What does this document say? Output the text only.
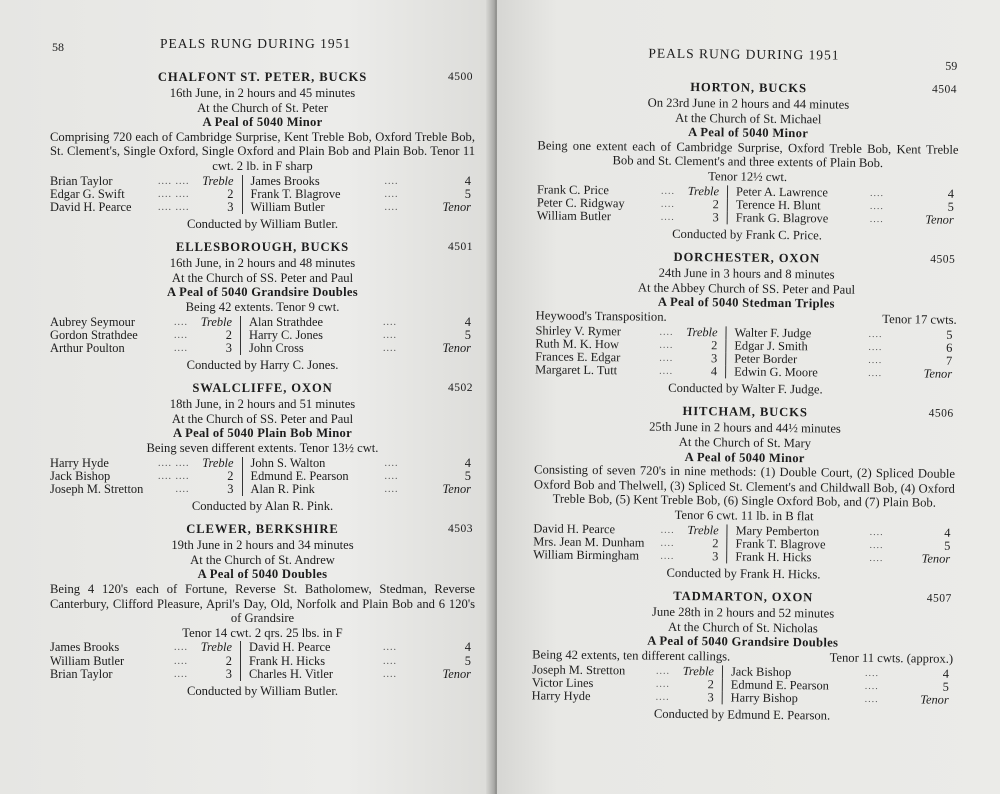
58	PEALS RUNG DURING 1951
CHALFONT ST. PETER, BUCKS	4500
16th June, in 2 hours and 45 minutes
At the Church of St. Peter
A Peal of 5040 Minor
Comprising 720 each of Cambridge Surprise, Kent Treble Bob, Oxford Treble Bob, St. Clement's, Single Oxford, Single Oxford and Plain Bob and Plain Bob. Tenor 11 cwt. 2 lb. in F sharp
Brian Taylor	.... ....	Treble	James Brooks	....	4
Edgar G. Swift	.... ....	2	Frank T. Blagrove	....	5
David H. Pearce	.... ....	3	William Butler	....	Tenor
Conducted by William Butler.
ELLESBOROUGH, BUCKS	4501
16th June, in 2 hours and 48 minutes
At the Church of SS. Peter and Paul
A Peal of 5040 Grandsire Doubles
Being 42 extents. Tenor 9 cwt.
Aubrey Seymour	....	Treble	Alan Strathdee	....	4
Gordon Strathdee	....	2	Harry C. Jones	....	5
Arthur Poulton	....	3	John Cross	....	Tenor
Conducted by Harry C. Jones.
SWALCLIFFE, OXON	4502
18th June, in 2 hours and 51 minutes
At the Church of SS. Peter and Paul
A Peal of 5040 Plain Bob Minor
Being seven different extents. Tenor 13½ cwt.
Harry Hyde	.... ....	Treble	John S. Walton	....	4
Jack Bishop	.... ....	2	Edmund E. Pearson	....	5
Joseph M. Stretton	....	3	Alan R. Pink	....	Tenor
Conducted by Alan R. Pink.
CLEWER, BERKSHIRE	4503
19th June in 2 hours and 34 minutes
At the Church of St. Andrew
A Peal of 5040 Doubles
Being 4 120's each of Fortune, Reverse St. Batholomew, Stedman, Reverse Canterbury, Clifford Pleasure, April's Day, Old, Norfolk and Plain Bob and 6 120's of Grandsire
Tenor 14 cwt. 2 qrs. 25 lbs. in F
James Brooks	....	Treble	David H. Pearce	....	4
William Butler	....	2	Frank H. Hicks	....	5
Brian Taylor	....	3	Charles H. Vitler	....	Tenor
Conducted by William Butler.
PEALS RUNG DURING 1951
59
HORTON, BUCKS	4504
On 23rd June in 2 hours and 44 minutes
At the Church of St. Michael
A Peal of 5040 Minor
Being one extent each of Cambridge Surprise, Oxford Treble Bob, Kent Treble Bob and St. Clement's and three extents of Plain Bob.
Tenor 12½ cwt.
Frank C. Price	....	Treble	Peter A. Lawrence	....	4
Peter C. Ridgway	....	2	Terence H. Blunt	....	5
William Butler	....	3	Frank G. Blagrove	....	Tenor
Conducted by Frank C. Price.
DORCHESTER, OXON	4505
24th June in 3 hours and 8 minutes
At the Abbey Church of SS. Peter and Paul
A Peal of 5040 Stedman Triples
Heywood's Transposition.	Tenor 17 cwts.
Shirley V. Rymer	....	Treble	Walter F. Judge	....	5
Ruth M. K. How	....	2	Edgar J. Smith	....	6
Frances E. Edgar	....	3	Peter Border	....	7
Margaret L. Tutt	....	4	Edwin G. Moore	....	Tenor
Conducted by Walter F. Judge.
HITCHAM, BUCKS	4506
25th June in 2 hours and 44½ minutes
At the Church of St. Mary
A Peal of 5040 Minor
Consisting of seven 720's in nine methods: (1) Double Court, (2) Spliced Double Oxford Bob and Thelwell, (3) Spliced St. Clement's and Childwall Bob, (4) Oxford Treble Bob, (5) Kent Treble Bob, (6) Single Oxford Bob, and (7) Plain Bob.
Tenor 6 cwt. 11 lb. in B flat
David H. Pearce	....	Treble	Mary Pemberton	....	4
Mrs. Jean M. Dunham	....	2	Frank T. Blagrove	....	5
William Birmingham	....	3	Frank H. Hicks	....	Tenor
Conducted by Frank H. Hicks.
TADMARTON, OXON	4507
June 28th in 2 hours and 52 minutes
At the Church of St. Nicholas
A Peal of 5040 Grandsire Doubles
Being 42 extents, ten different callings.	Tenor 11 cwts. (approx.)
Joseph M. Stretton	....	Treble	Jack Bishop	....	4
Victor Lines	....	2	Edmund E. Pearson	....	5
Harry Hyde	....	3	Harry Bishop	....	Tenor
Conducted by Edmund E. Pearson.
